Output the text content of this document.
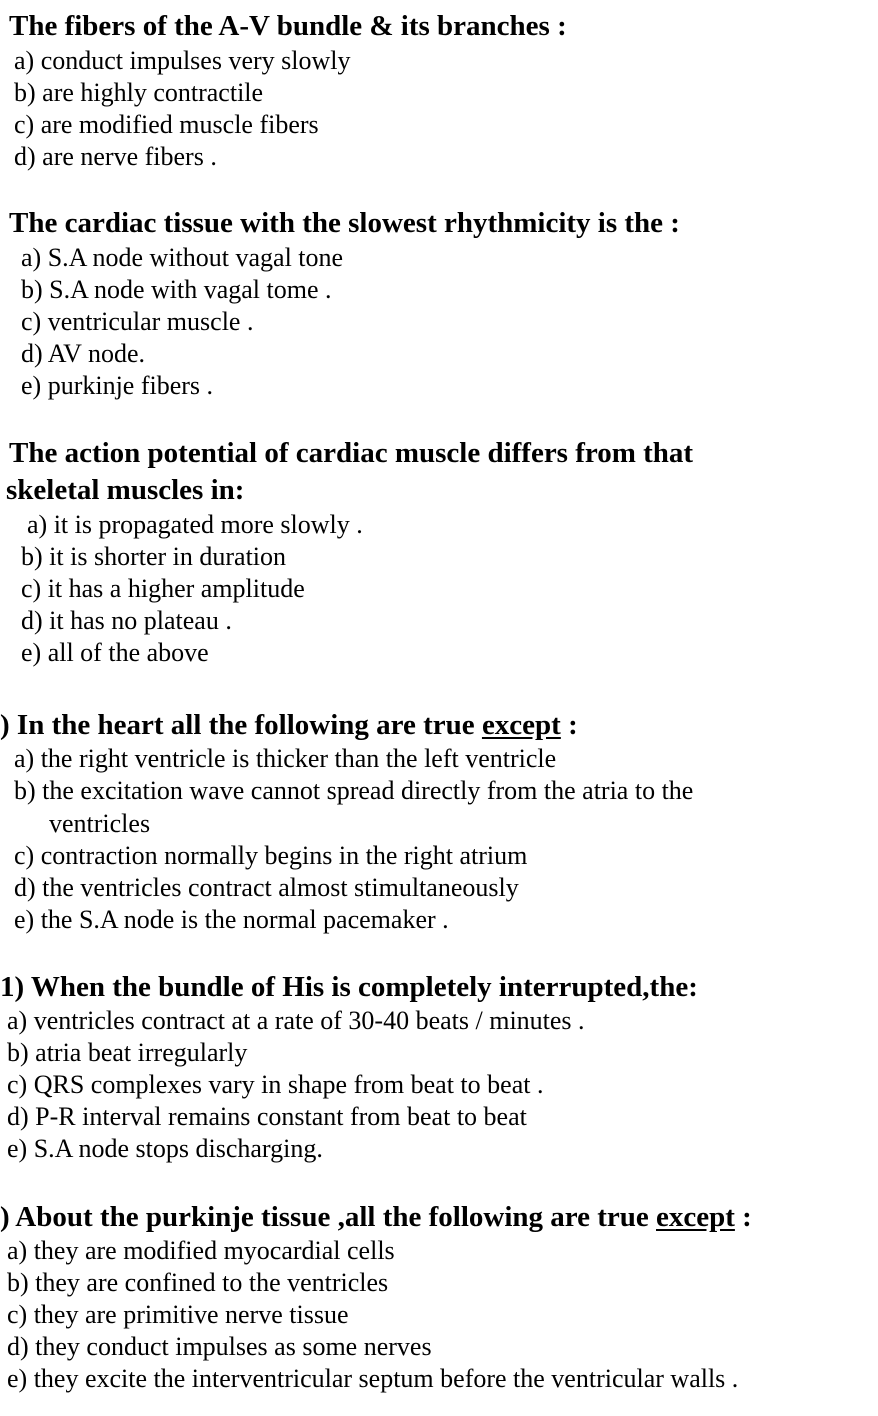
The fibers of the A-V bundle & its branches :
a) conduct impulses very slowly
b) are highly contractile
c) are modified muscle fibers
d) are nerve fibers .
The cardiac tissue with the slowest rhythmicity is the :
a) S.A node without vagal tone
b) S.A node with vagal tome .
c) ventricular muscle .
d) AV node.
e) purkinje fibers .
The action potential of cardiac muscle differs from that
skeletal muscles in:
a) it is propagated more slowly .
b) it is shorter in duration
c) it has a higher amplitude
d) it has no plateau .
e) all of the above
) In the heart all the following are true except :
a) the right ventricle is thicker than the left ventricle
b) the excitation wave cannot spread directly from the atria to the
ventricles
c) contraction normally begins in the right atrium
d) the ventricles contract almost stimultaneously
e) the S.A node is the normal pacemaker .
1) When the bundle of His is completely interrupted,the:
a) ventricles contract at a rate of 30-40 beats / minutes .
b) atria beat irregularly
c) QRS complexes vary in shape from beat to beat .
d) P-R interval remains constant from beat to beat
e) S.A node stops discharging.
) About the purkinje tissue ,all the following are true except :
a) they are modified myocardial cells
b) they are confined to the ventricles
c) they are primitive nerve tissue
d) they conduct impulses as some nerves
e) they excite the interventricular septum before the ventricular walls .
